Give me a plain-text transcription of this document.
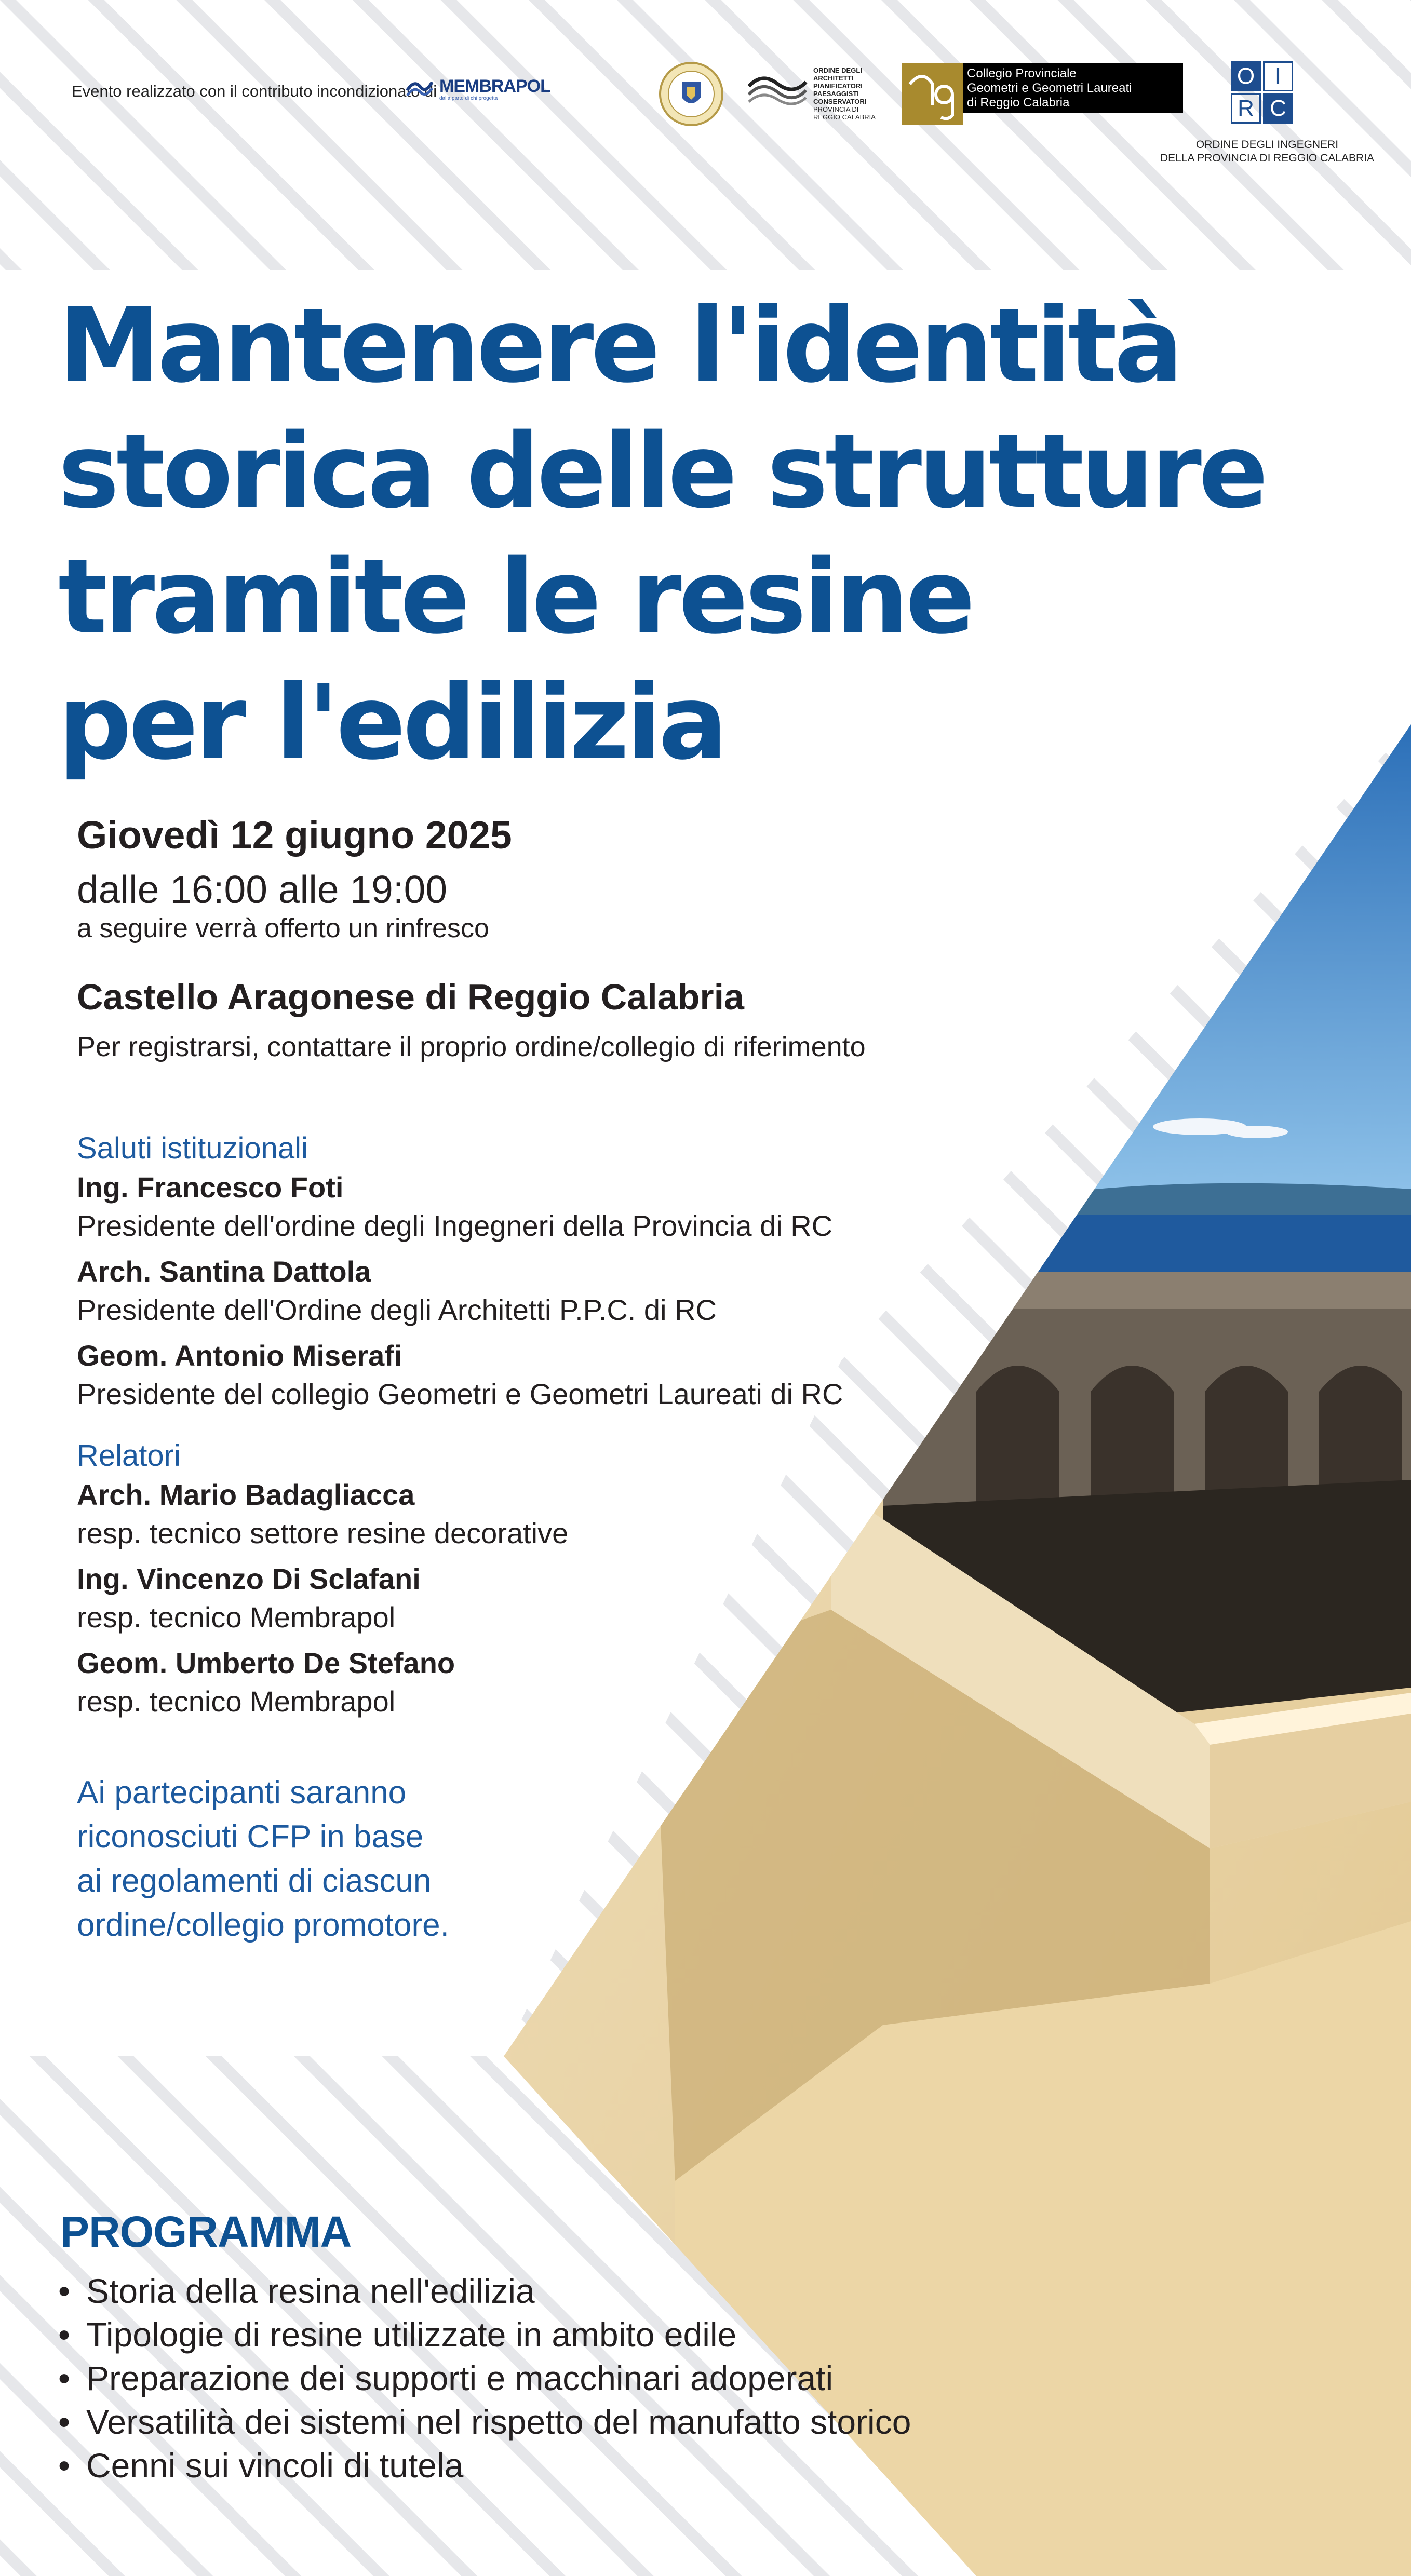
Evento realizzato con il contributo incondizionato di MEMBRAPOL
dalla parte di chi progetta
ORDINE DEGLI
ARCHITETTI
PIANIFICATORI
PAESAGGISTI
CONSERVATORI
PROVINCIA DI
REGGIO CALABRIA
Collegio Provinciale
Geometri e Geometri Laureati
di Reggio Calabria
O I
R C
ORDINE DEGLI INGEGNERI
DELLA PROVINCIA DI REGGIO CALABRIA
Mantenere l'identità
storica delle strutture
tramite le resine
per l'edilizia
Giovedì 12 giugno 2025
dalle 16:00 alle 19:00
a seguire verrà offerto un rinfresco
Castello Aragonese di Reggio Calabria
Per registrarsi, contattare il proprio ordine/collegio di riferimento
Saluti istituzionali
Ing. Francesco Foti
Presidente dell'ordine degli Ingegneri della Provincia di RC
Arch. Santina Dattola
Presidente dell'Ordine degli Architetti P.P.C. di RC
Geom. Antonio Miserafi
Presidente del collegio Geometri e Geometri Laureati di RC
Relatori
Arch. Mario Badagliacca
resp. tecnico settore resine decorative
Ing. Vincenzo Di Sclafani
resp. tecnico Membrapol
Geom. Umberto De Stefano
resp. tecnico Membrapol
Ai partecipanti saranno
riconosciuti CFP in base
ai regolamenti di ciascun
ordine/collegio promotore.
PROGRAMMA
• Storia della resina nell'edilizia
• Tipologie di resine utilizzate in ambito edile
• Preparazione dei supporti e macchinari adoperati
• Versatilità dei sistemi nel rispetto del manufatto storico
• Cenni sui vincoli di tutela
